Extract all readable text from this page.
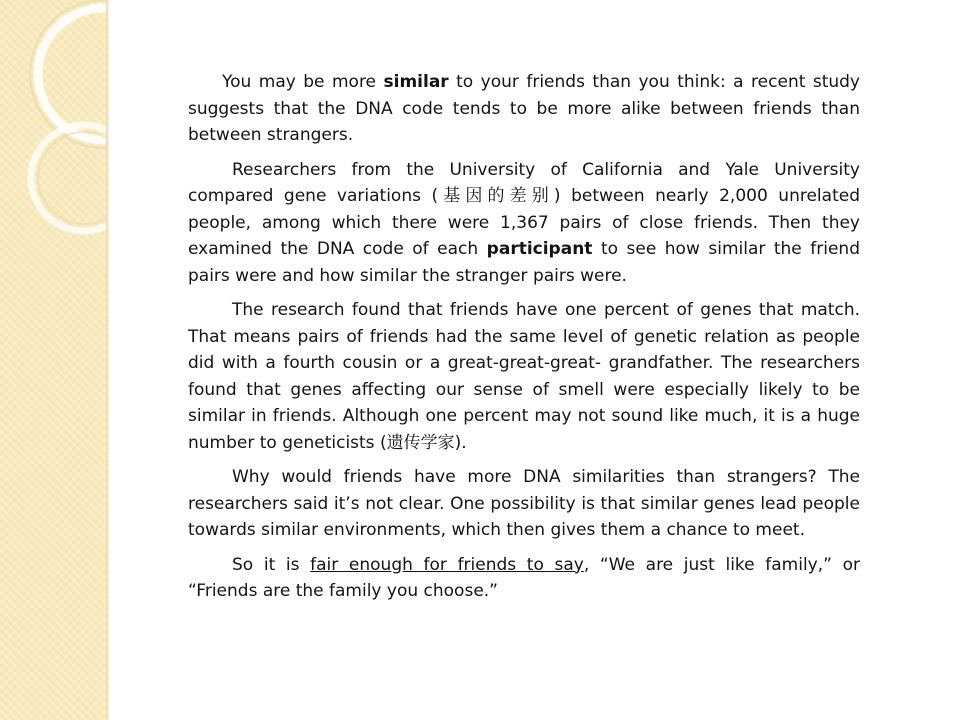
You may be more similar to your friends than you think: a recent study suggests that the DNA code tends to be more alike between friends than between strangers.

Researchers from the University of California and Yale University compared gene variations (基因的差别) between nearly 2,000 unrelated people, among which there were 1,367 pairs of close friends. Then they examined the DNA code of each participant to see how similar the friend pairs were and how similar the stranger pairs were.

The research found that friends have one percent of genes that match. That means pairs of friends had the same level of genetic relation as people did with a fourth cousin or a great-great-great- grandfather. The researchers found that genes affecting our sense of smell were especially likely to be similar in friends. Although one percent may not sound like much, it is a huge number to geneticists (遗传学家).

Why would friends have more DNA similarities than strangers? The researchers said it’s not clear. One possibility is that similar genes lead people towards similar environments, which then gives them a chance to meet.

So it is fair enough for friends to say, “We are just like family,” or “Friends are the family you choose.”
